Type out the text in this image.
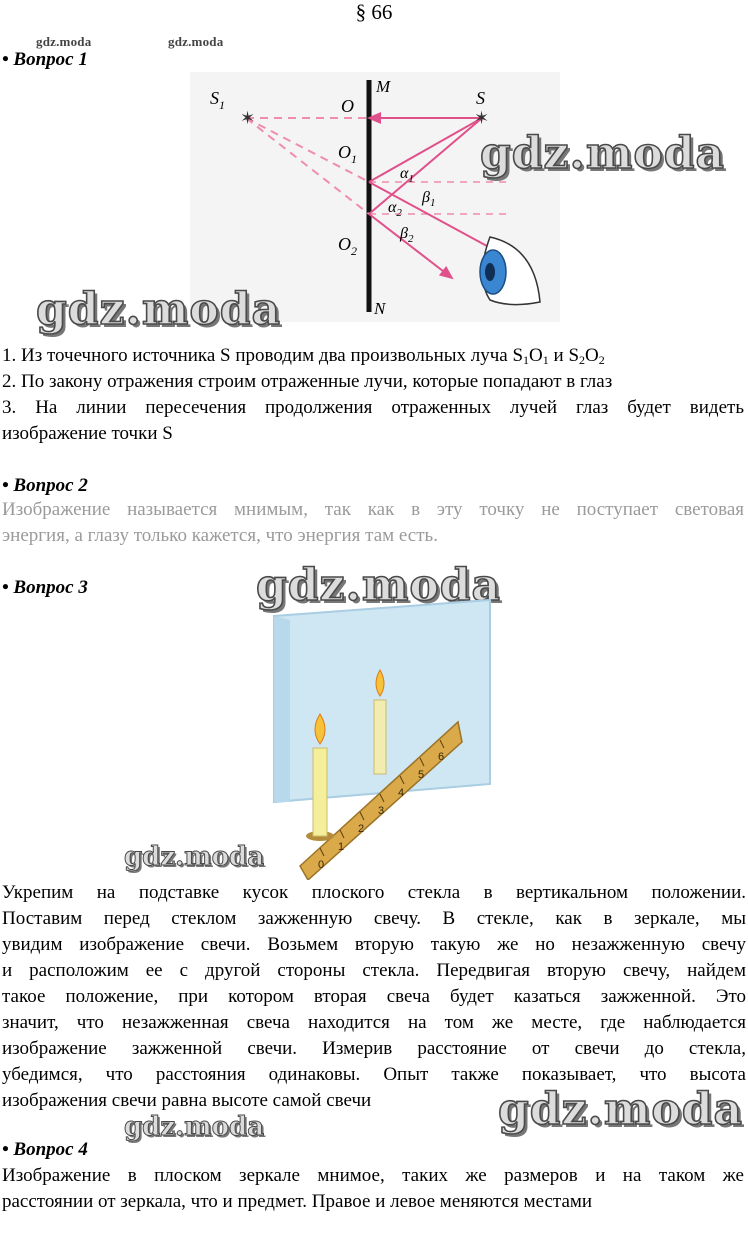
§ 66
gdz.moda	gdz.moda
• Вопрос 1
✶	✶
$S_1$	O
M
S
$O_1$
$O_2$
N
$\alpha_1$
$\beta_1$
$\alpha_2$
$\beta_2$
gdz.moda
gdz.moda
1. Из точечного источника S проводим два произвольных луча $S_1O_1$ и $S_2O_2$
2. По закону отражения строим отраженные лучи, которые попадают в глаз
3. На линии пересечения продолжения отраженных лучей глаз будет видеть
изображение точки S
• Вопрос 2
Изображение называется мнимым, так как в эту точку не поступает световая
энергия, а глазу только кажется, что энергия там есть.
• Вопрос 3	gdz.moda
0
1
2
3
4
5
6
gdz.moda
Укрепим на подставке кусок плоского стекла в вертикальном положении.
Поставим перед стеклом зажженную свечу. В стекле, как в зеркале, мы
увидим изображение свечи. Возьмем вторую такую же но незажженную свечу
и расположим ее с другой стороны стекла. Передвигая вторую свечу, найдем
такое положение, при котором вторая свеча будет казаться зажженной. Это
значит, что незажженная свеча находится на том же месте, где наблюдается
изображение зажженной свечи. Измерив расстояние от свечи до стекла,
убедимся, что расстояния одинаковы. Опыт также показывает, что высота
изображения свечи равна высоте самой свечи	gdz.moda
• Вопрос 4
gdz.moda
Изображение в плоском зеркале мнимое, таких же размеров и на таком же
расстоянии от зеркала, что и предмет. Правое и левое меняются местами
